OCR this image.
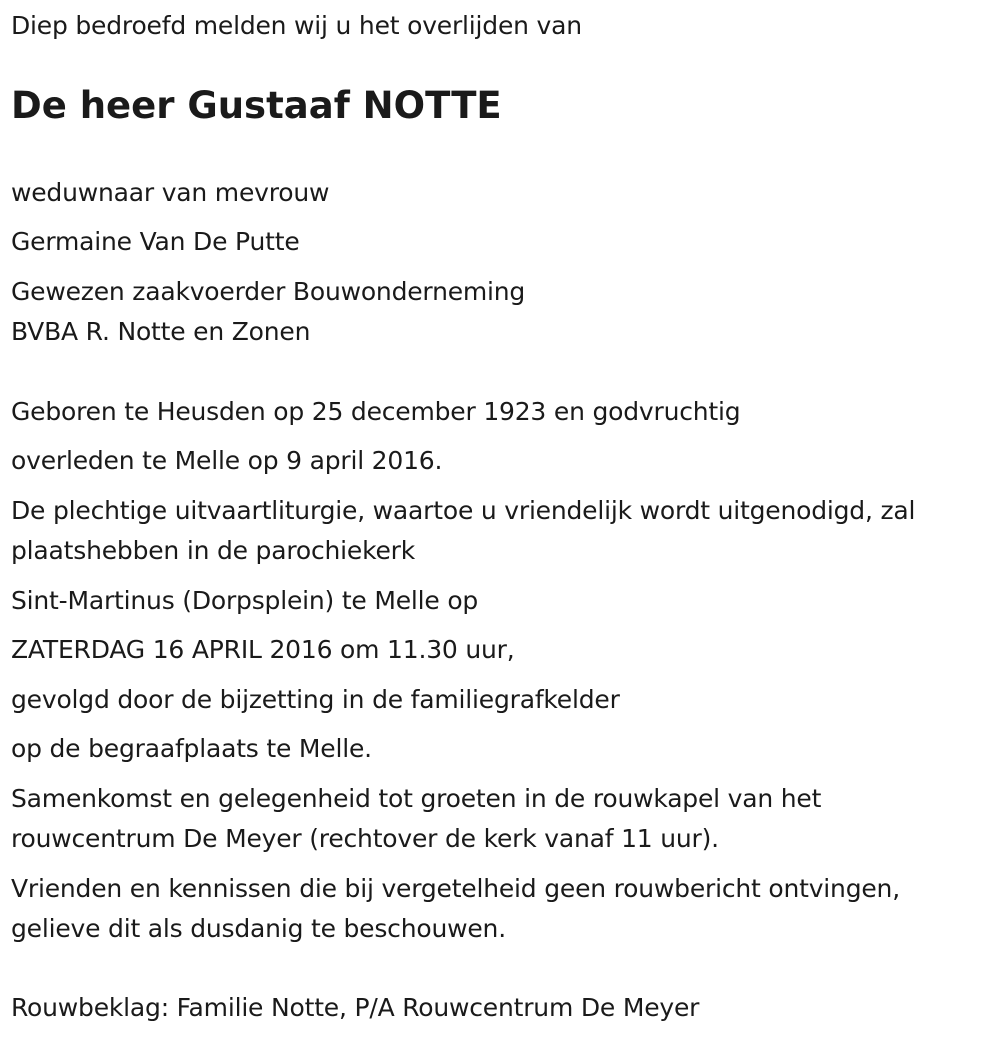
Diep bedroefd melden wij u het overlijden van
De heer Gustaaf NOTTE
weduwnaar van mevrouw
Germaine Van De Putte
Gewezen zaakvoerder Bouwonderneming
BVBA R. Notte en Zonen
Geboren te Heusden op 25 december 1923 en godvruchtig
overleden te Melle op 9 april 2016.
De plechtige uitvaartliturgie, waartoe u vriendelijk wordt uitgenodigd, zal
plaatshebben in de parochiekerk
Sint-Martinus (Dorpsplein) te Melle op
ZATERDAG 16 APRIL 2016 om 11.30 uur,
gevolgd door de bijzetting in de familiegrafkelder
op de begraafplaats te Melle.
Samenkomst en gelegenheid tot groeten in de rouwkapel van het
rouwcentrum De Meyer (rechtover de kerk vanaf 11 uur).
Vrienden en kennissen die bij vergetelheid geen rouwbericht ontvingen,
gelieve dit als dusdanig te beschouwen.
Rouwbeklag: Familie Notte, P/A Rouwcentrum De Meyer
